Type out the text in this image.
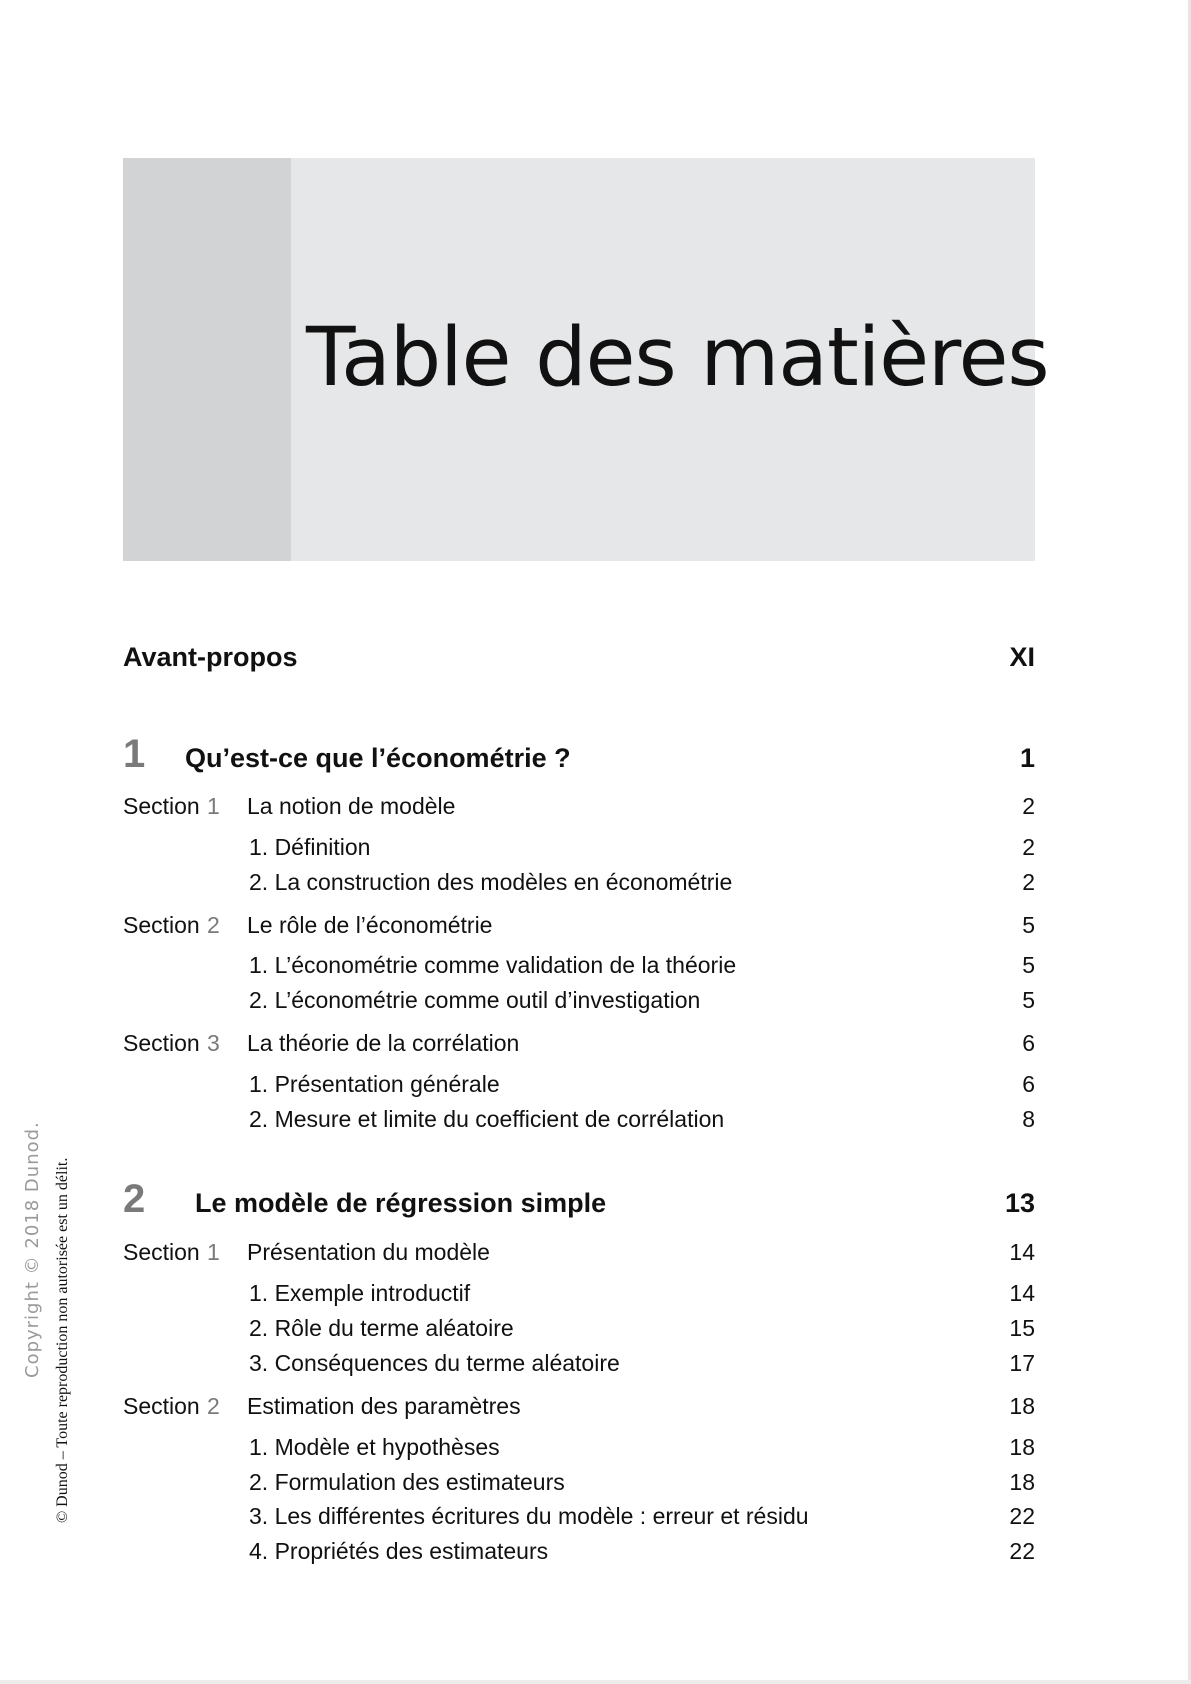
Table des matières
Avant-propos	XI
1 Qu’est-ce que l’économétrie ?	1
Section 1 La notion de modèle	2
1. Définition	2
2. La construction des modèles en économétrie	2
Section 2 Le rôle de l’économétrie	5
1. L’économétrie comme validation de la théorie	5
2. L’économétrie comme outil d’investigation	5
Section 3 La théorie de la corrélation	6
1. Présentation générale	6
2. Mesure et limite du coefficient de corrélation	8
2 Le modèle de régression simple	13
Section 1 Présentation du modèle	14
1. Exemple introductif	14
2. Rôle du terme aléatoire	15
3. Conséquences du terme aléatoire	17
Section 2 Estimation des paramètres	18
1. Modèle et hypothèses	18
2. Formulation des estimateurs	18
3. Les différentes écritures du modèle : erreur et résidu	22
4. Propriétés des estimateurs	22
Copyright © 2018 Dunod. © Dunod – Toute reproduction non autorisée est un délit.
